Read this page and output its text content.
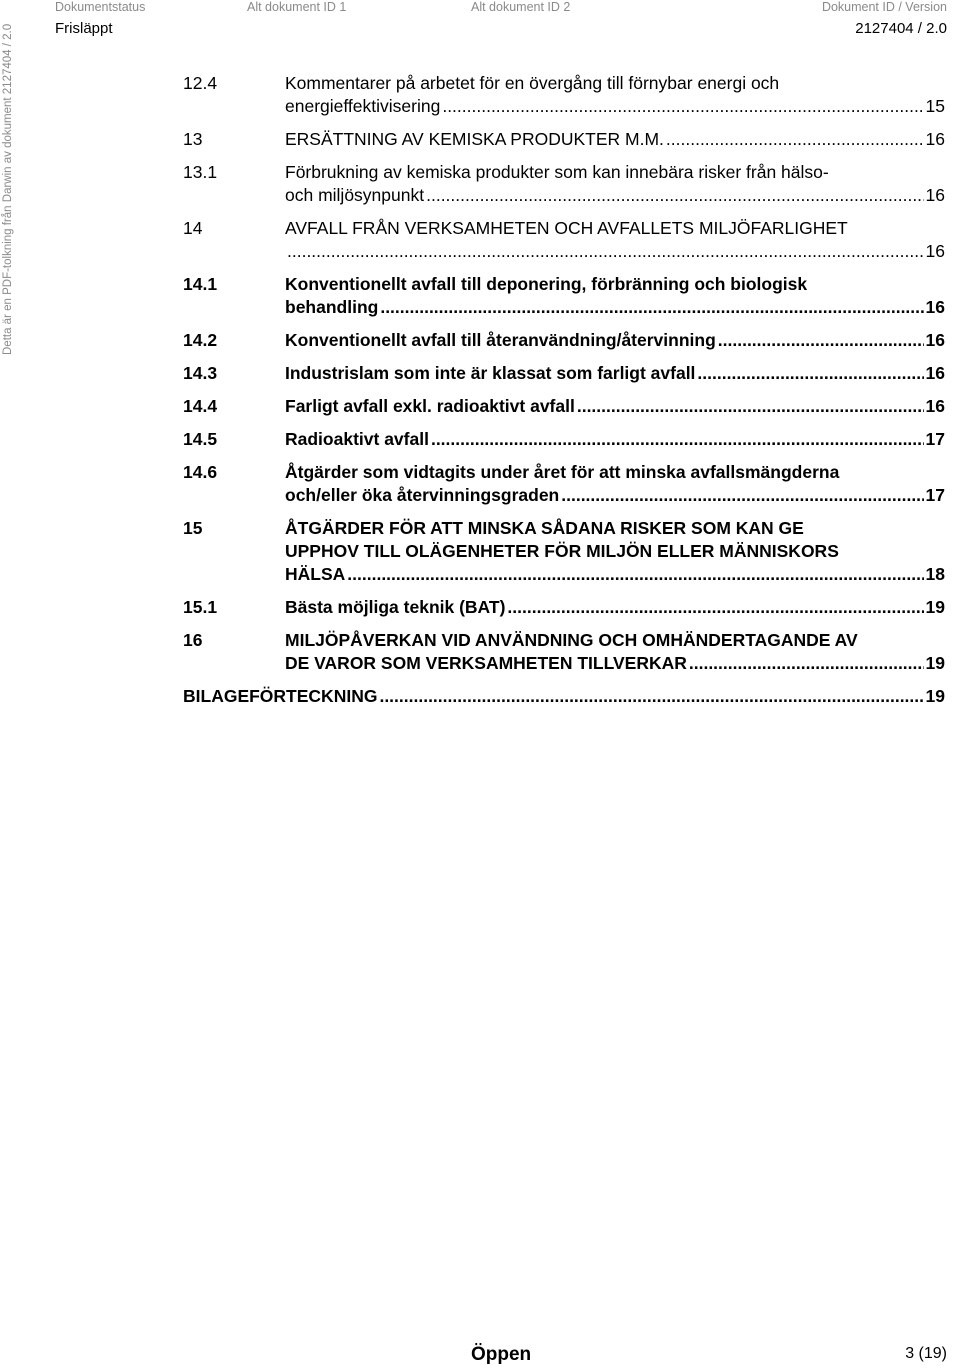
Dokumentstatus	Alt dokument ID 1	Alt dokument ID 2	Dokument ID / Version
Frisläppt	2127404 / 2.0
Detta är en PDF-tolkning från Darwin av dokument 2127404 / 2.0	12.4	Kommentarer på arbetet för en övergång till förnybar energi och

energieffektivisering .....	15

13	ERSÄTTNING AV KEMISKA PRODUKTER M.M. .....	16

13.1	Förbrukning av kemiska produkter som kan innebära risker från hälso-

och miljösynpunkt .....	16

14	AVFALL FRÅN VERKSAMHETEN OCH AVFALLETS MILJÖFARLIGHET

.....
16

14.1	Konventionellt avfall till deponering, förbränning och biologisk

behandling .....	16

14.2	Konventionellt avfall till återanvändning/återvinning .....	16

14.3	Industrislam som inte är klassat som farligt avfall .....	16

14.4	Farligt avfall exkl. radioaktivt avfall .....	16

14.5	Radioaktivt avfall .....	17

14.6	Åtgärder som vidtagits under året för att minska avfallsmängderna

och/eller öka återvinningsgraden .....	17

15	ÅTGÄRDER FÖR ATT MINSKA SÅDANA RISKER SOM KAN GE

UPPHOV TILL OLÄGENHETER FÖR MILJÖN ELLER MÄNNISKORS

HÄLSA .....	18

15.1	Bästa möjliga teknik (BAT) .....	19

16	MILJÖPÅVERKAN VID ANVÄNDNING OCH OMHÄNDERTAGANDE AV

DE VAROR SOM VERKSAMHETEN TILLVERKAR .....	19

BILAGEFÖRTECKNING .....	19

Öppen	3 (19)
